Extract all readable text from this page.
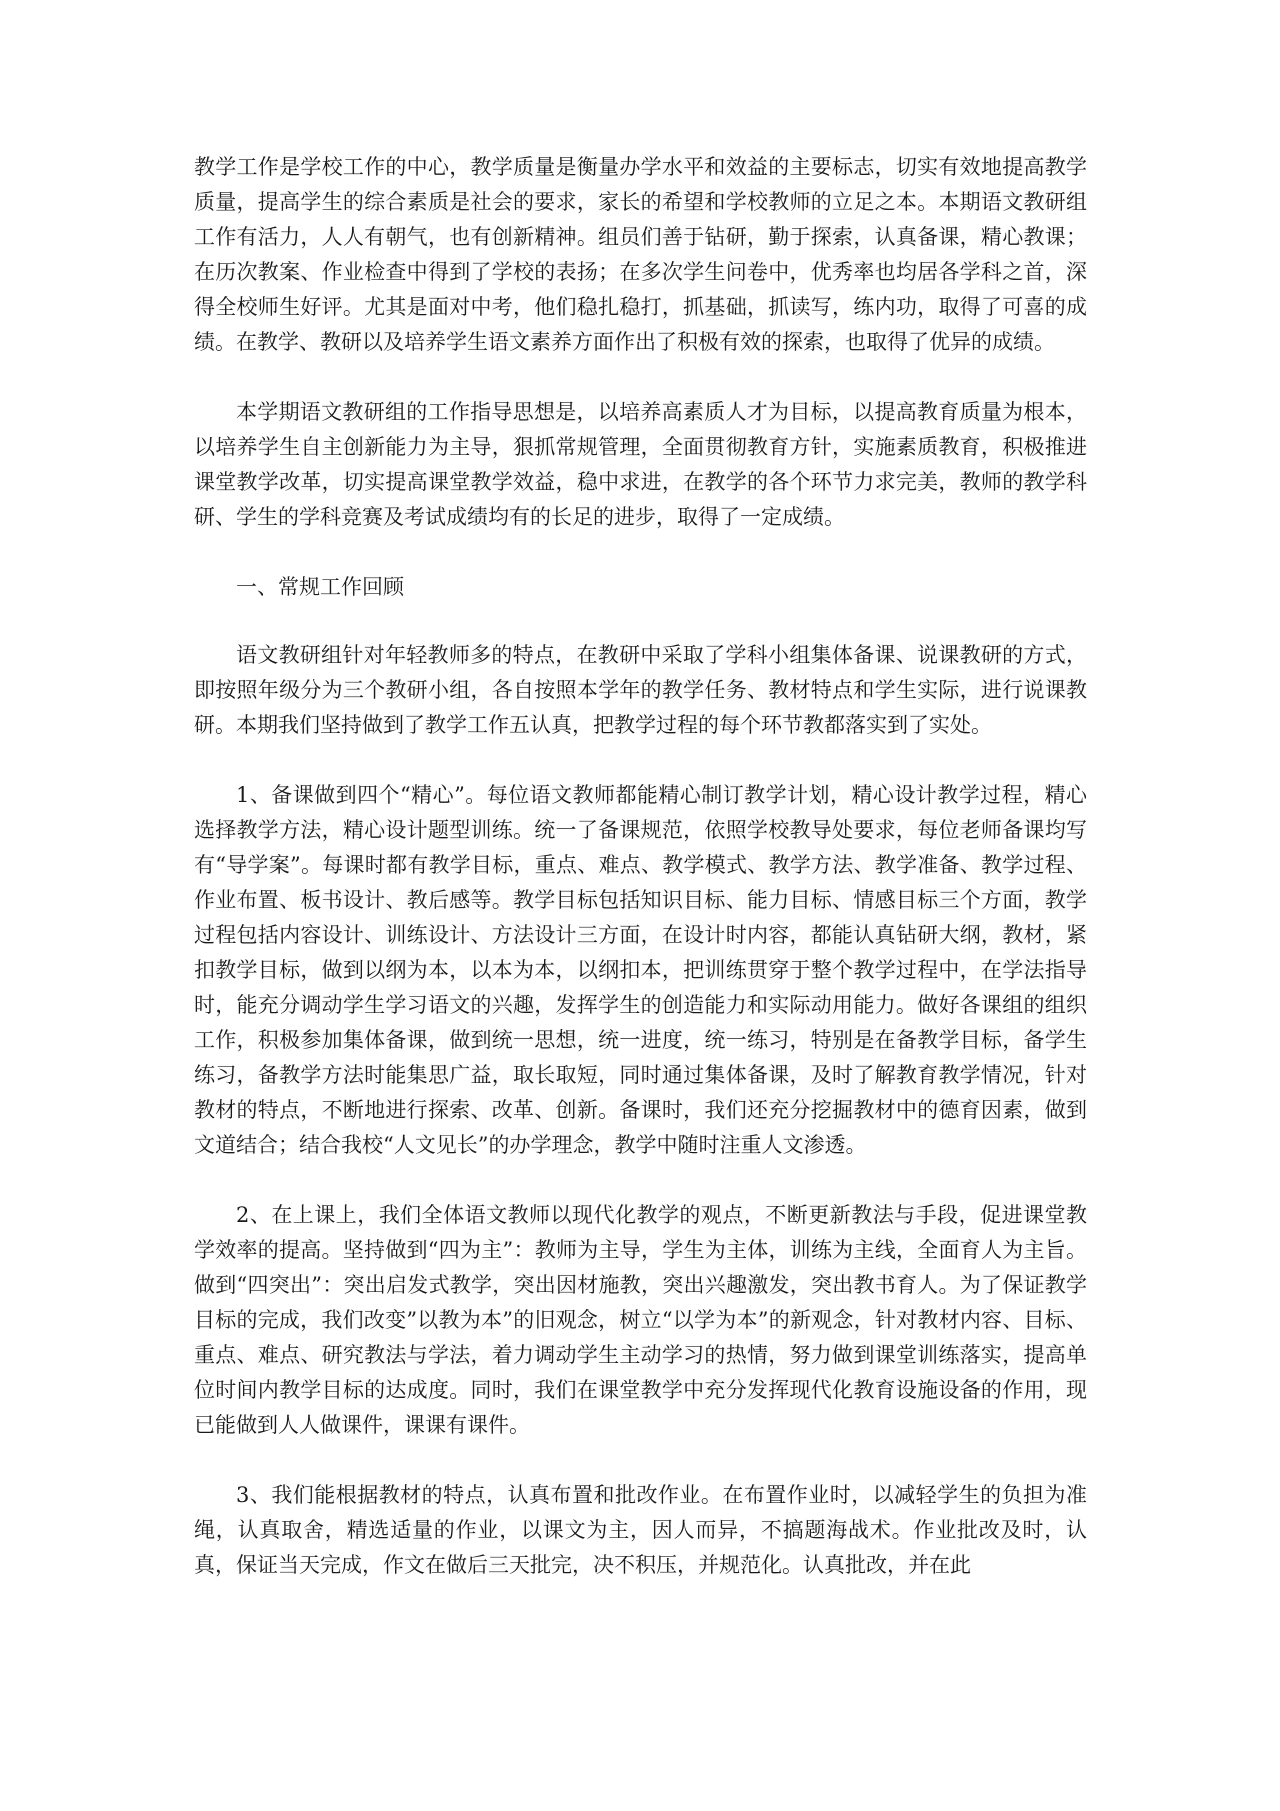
教学工作是学校工作的中心，教学质量是衡量办学水平和效益的主要标志，切实有效地提高教学质量，提高学生的综合素质是社会的要求，家长的希望和学校教师的立足之本。本期语文教研组工作有活力，人人有朝气，也有创新精神。组员们善于钻研，勤于探索，认真备课，精心教课；在历次教案、作业检查中得到了学校的表扬；在多次学生问卷中，优秀率也均居各学科之首，深得全校师生好评。尤其是面对中考，他们稳扎稳打，抓基础，抓读写，练内功，取得了可喜的成绩。在教学、教研以及培养学生语文素养方面作出了积极有效的探索，也取得了优异的成绩。

本学期语文教研组的工作指导思想是，以培养高素质人才为目标，以提高教育质量为根本，以培养学生自主创新能力为主导，狠抓常规管理，全面贯彻教育方针，实施素质教育，积极推进课堂教学改革，切实提高课堂教学效益，稳中求进，在教学的各个环节力求完美，教师的教学科研、学生的学科竞赛及考试成绩均有的长足的进步，取得了一定成绩。

一、常规工作回顾

语文教研组针对年轻教师多的特点，在教研中采取了学科小组集体备课、说课教研的方式，即按照年级分为三个教研小组，各自按照本学年的教学任务、教材特点和学生实际，进行说课教研。本期我们坚持做到了教学工作五认真，把教学过程的每个环节教都落实到了实处。

1、备课做到四个“精心”。每位语文教师都能精心制订教学计划，精心设计教学过程，精心选择教学方法，精心设计题型训练。统一了备课规范，依照学校教导处要求，每位老师备课均写有“导学案”。每课时都有教学目标，重点、难点、教学模式、教学方法、教学准备、教学过程、作业布置、板书设计、教后感等。教学目标包括知识目标、能力目标、情感目标三个方面，教学过程包括内容设计、训练设计、方法设计三方面，在设计时内容，都能认真钻研大纲，教材，紧扣教学目标，做到以纲为本，以本为本，以纲扣本，把训练贯穿于整个教学过程中，在学法指导时，能充分调动学生学习语文的兴趣，发挥学生的创造能力和实际动用能力。做好各课组的组织工作，积极参加集体备课，做到统一思想，统一进度，统一练习，特别是在备教学目标，备学生练习，备教学方法时能集思广益，取长取短，同时通过集体备课，及时了解教育教学情况，针对教材的特点，不断地进行探索、改革、创新。备课时，我们还充分挖掘教材中的德育因素，做到文道结合；结合我校“人文见长”的办学理念，教学中随时注重人文渗透。

2、在上课上，我们全体语文教师以现代化教学的观点，不断更新教法与手段，促进课堂教学效率的提高。坚持做到“四为主”：教师为主导，学生为主体，训练为主线，全面育人为主旨。做到“四突出”：突出启发式教学，突出因材施教，突出兴趣激发，突出教书育人。为了保证教学目标的完成，我们改变”以教为本”的旧观念，树立“以学为本”的新观念，针对教材内容、目标、重点、难点、研究教法与学法，着力调动学生主动学习的热情，努力做到课堂训练落实，提高单位时间内教学目标的达成度。同时，我们在课堂教学中充分发挥现代化教育设施设备的作用，现已能做到人人做课件，课课有课件。

3、我们能根据教材的特点，认真布置和批改作业。在布置作业时，以减轻学生的负担为准绳，认真取舍，精选适量的作业，以课文为主，因人而异，不搞题海战术。作业批改及时，认真，保证当天完成，作文在做后三天批完，决不积压，并规范化。认真批改，并在此
